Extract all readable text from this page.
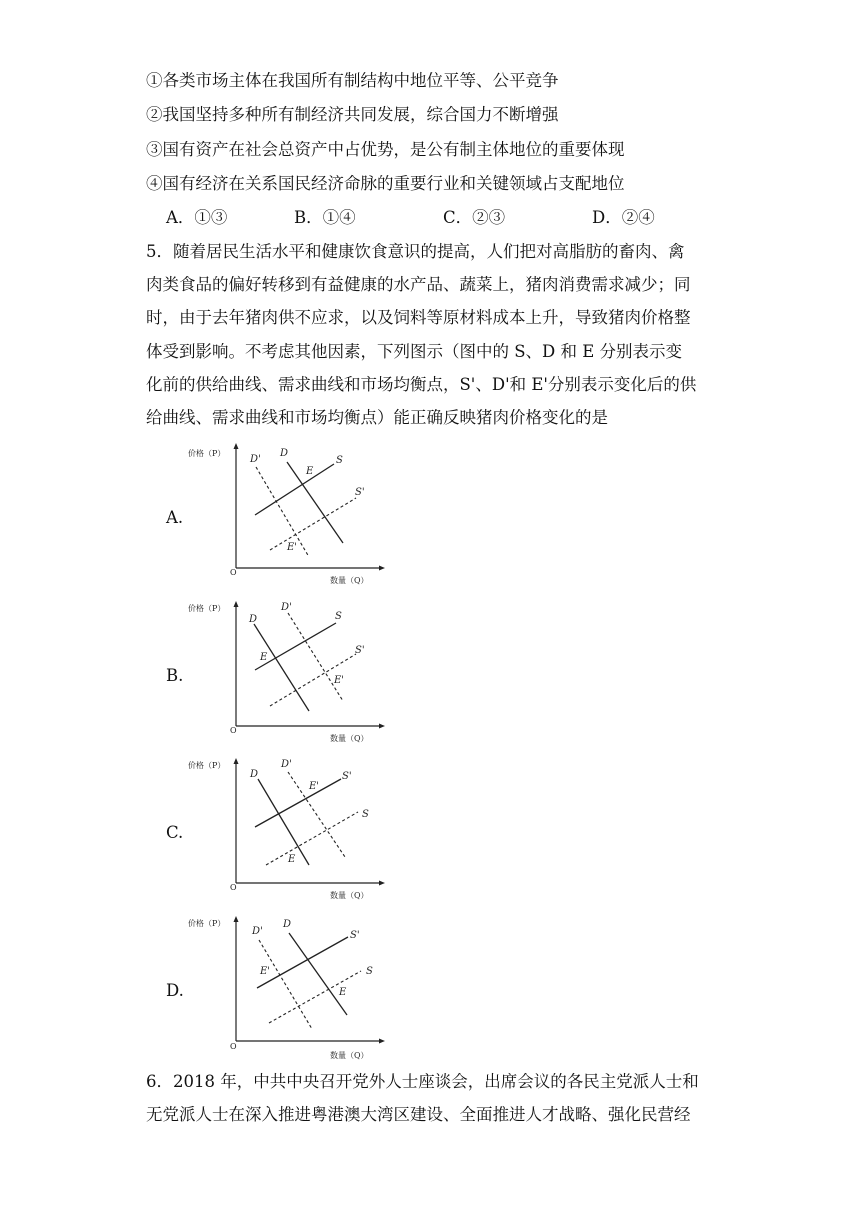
①各类市场主体在我国所有制结构中地位平等、公平竞争
②我国坚持多种所有制经济共同发展，综合国力不断增强
③国有资产在社会总资产中占优势，是公有制主体地位的重要体现
④国有经济在关系国民经济命脉的重要行业和关键领域占支配地位
A．①③	B．①④	C．②③	D．②④
5．随着居民生活水平和健康饮食意识的提高，人们把对高脂肪的畜肉、禽
肉类食品的偏好转移到有益健康的水产品、蔬菜上，猪肉消费需求减少；同
时，由于去年猪肉供不应求，以及饲料等原材料成本上升，导致猪肉价格整
体受到影响。不考虑其他因素，下列图示（图中的 S、D 和 E 分别表示变
化前的供给曲线、需求曲线和市场均衡点，S'、D'和 E'分别表示变化后的供
给曲线、需求曲线和市场均衡点）能正确反映猪肉价格变化的是
A.
价格（P）
数量（Q）
O
D'
D
E
S
S'
E'
B.
价格（P）
数量（Q）
O
D
D'
S
E
S'
E'
C.
价格（P）
数量（Q）
O
D
D'
E'
S'
S
E
D.
价格（P）
数量（Q）
O
D'
D
S'
E'	S
E
6．2018 年，中共中央召开党外人士座谈会，出席会议的各民主党派人士和
无党派人士在深入推进粤港澳大湾区建设、全面推进人才战略、强化民营经
